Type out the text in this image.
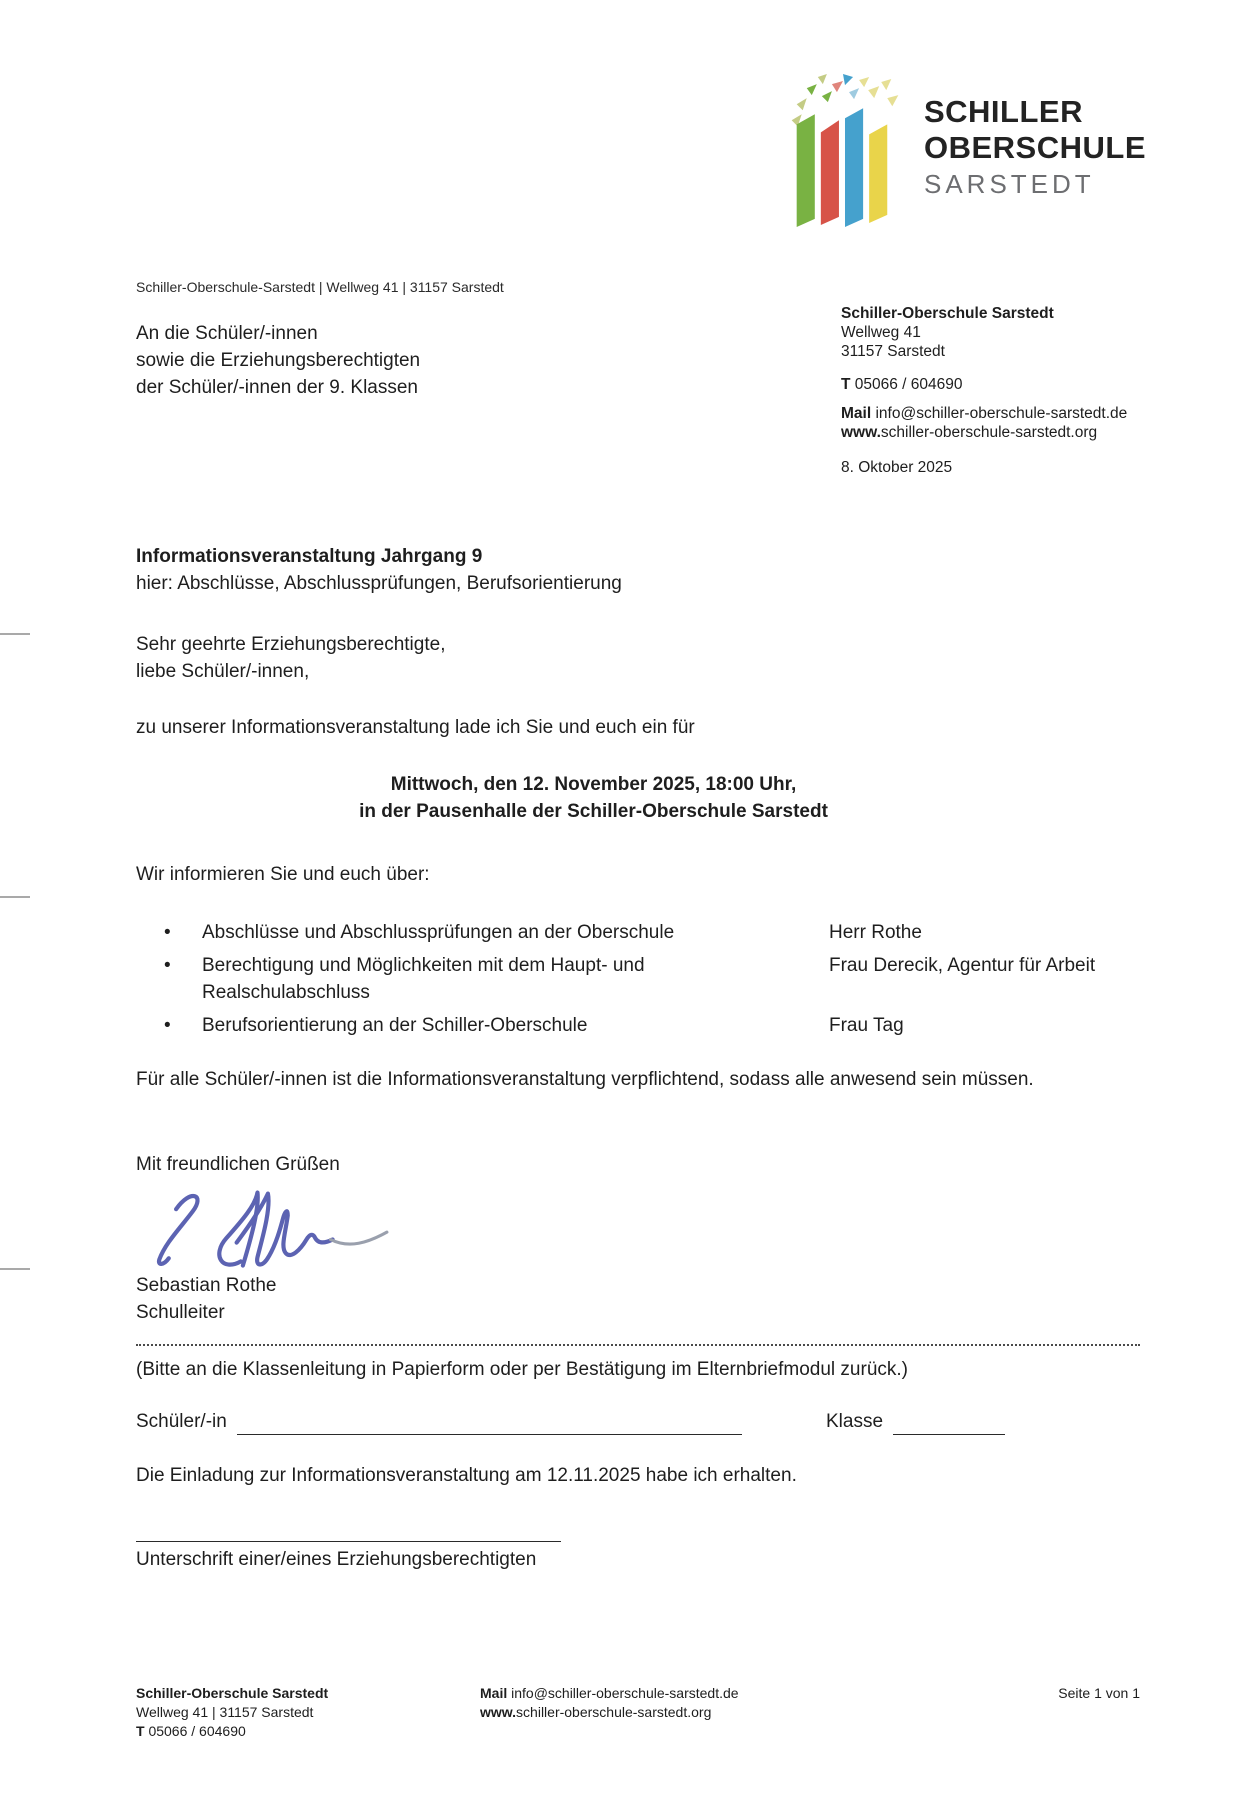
SCHILLER
OBERSCHULE
SARSTEDT
Schiller-Oberschule-Sarstedt | Wellweg 41 | 31157 Sarstedt
An die Schüler/-innen
sowie die Erziehungsberechtigten
der Schüler/-innen der 9. Klassen
Schiller-Oberschule Sarstedt
Wellweg 41
31157 Sarstedt
T 05066 / 604690
Mail info@schiller-oberschule-sarstedt.de
www.schiller-oberschule-sarstedt.org
8. Oktober 2025
Informationsveranstaltung Jahrgang 9
hier: Abschlüsse, Abschlussprüfungen, Berufsorientierung
Sehr geehrte Erziehungsberechtigte,
liebe Schüler/-innen,
zu unserer Informationsveranstaltung lade ich Sie und euch ein für
Mittwoch, den 12. November 2025, 18:00 Uhr,
in der Pausenhalle der Schiller-Oberschule Sarstedt
Wir informieren Sie und euch über:
•	Abschlüsse und Abschlussprüfungen an der Oberschule	Herr Rothe
•	Berechtigung und Möglichkeiten mit dem Haupt- und Realschulabschluss
Frau Derecik, Agentur für Arbeit
•	Berufsorientierung an der Schiller-Oberschule	Frau Tag
Für alle Schüler/-innen ist die Informationsveranstaltung verpflichtend, sodass alle anwesend sein müssen.
Mit freundlichen Grüßen
Sebastian Rothe
Schulleiter
(Bitte an die Klassenleitung in Papierform oder per Bestätigung im Elternbriefmodul zurück.)
Schüler/-in	Klasse
Die Einladung zur Informationsveranstaltung am 12.11.2025 habe ich erhalten.
Unterschrift einer/eines Erziehungsberechtigten
Schiller-Oberschule Sarstedt
Wellweg 41 | 31157 Sarstedt
T 05066 / 604690
Mail info@schiller-oberschule-sarstedt.de
www.schiller-oberschule-sarstedt.org
Seite 1 von 1
